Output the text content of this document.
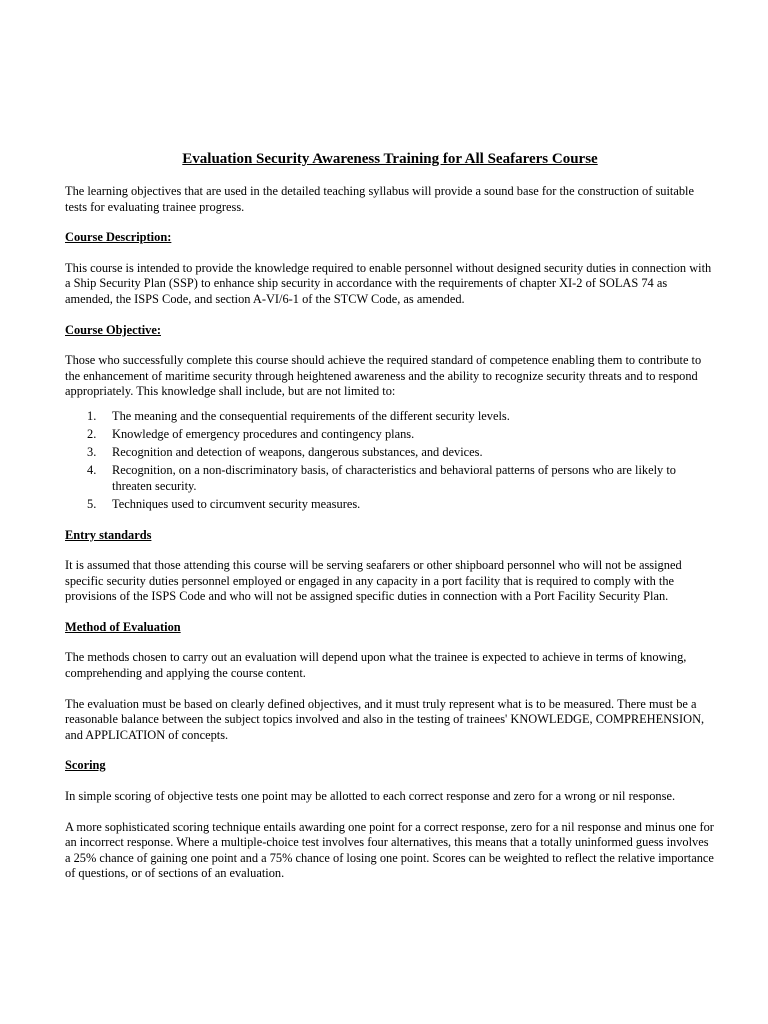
Evaluation Security Awareness Training for All Seafarers Course

The learning objectives that are used in the detailed teaching syllabus will provide a sound base for the construction of suitable tests for evaluating trainee progress.

Course Description:

This course is intended to provide the knowledge required to enable personnel without designed security duties in connection with a Ship Security Plan (SSP) to enhance ship security in accordance with the requirements of chapter XI-2 of SOLAS 74 as amended, the ISPS Code, and section A-VI/6-1 of the STCW Code, as amended.

Course Objective:

Those who successfully complete this course should achieve the required standard of competence enabling them to contribute to the enhancement of maritime security through heightened awareness and the ability to recognize security threats and to respond appropriately. This knowledge shall include, but are not limited to:

1.	The meaning and the consequential requirements of the different security levels.
2.	Knowledge of emergency procedures and contingency plans.
3.	Recognition and detection of weapons, dangerous substances, and devices.
4.	Recognition, on a non-discriminatory basis, of characteristics and behavioral patterns of persons who are likely to threaten security.
5.	Techniques used to circumvent security measures.
Entry standards

It is assumed that those attending this course will be serving seafarers or other shipboard personnel who will not be assigned specific security duties personnel employed or engaged in any capacity in a port facility that is required to comply with the provisions of the ISPS Code and who will not be assigned specific duties in connection with a Port Facility Security Plan.

Method of Evaluation

The methods chosen to carry out an evaluation will depend upon what the trainee is expected to achieve in terms of knowing, comprehending and applying the course content.

The evaluation must be based on clearly defined objectives, and it must truly represent what is to be measured. There must be a reasonable balance between the subject topics involved and also in the testing of trainees' KNOWLEDGE, COMPREHENSION, and APPLICATION of concepts.

Scoring

In simple scoring of objective tests one point may be allotted to each correct response and zero for a wrong or nil response.

A more sophisticated scoring technique entails awarding one point for a correct response, zero for a nil response and minus one for an incorrect response. Where a multiple-choice test involves four alternatives, this means that a totally uninformed guess involves a 25% chance of gaining one point and a 75% chance of losing one point. Scores can be weighted to reflect the relative importance of questions, or of sections of an evaluation.
